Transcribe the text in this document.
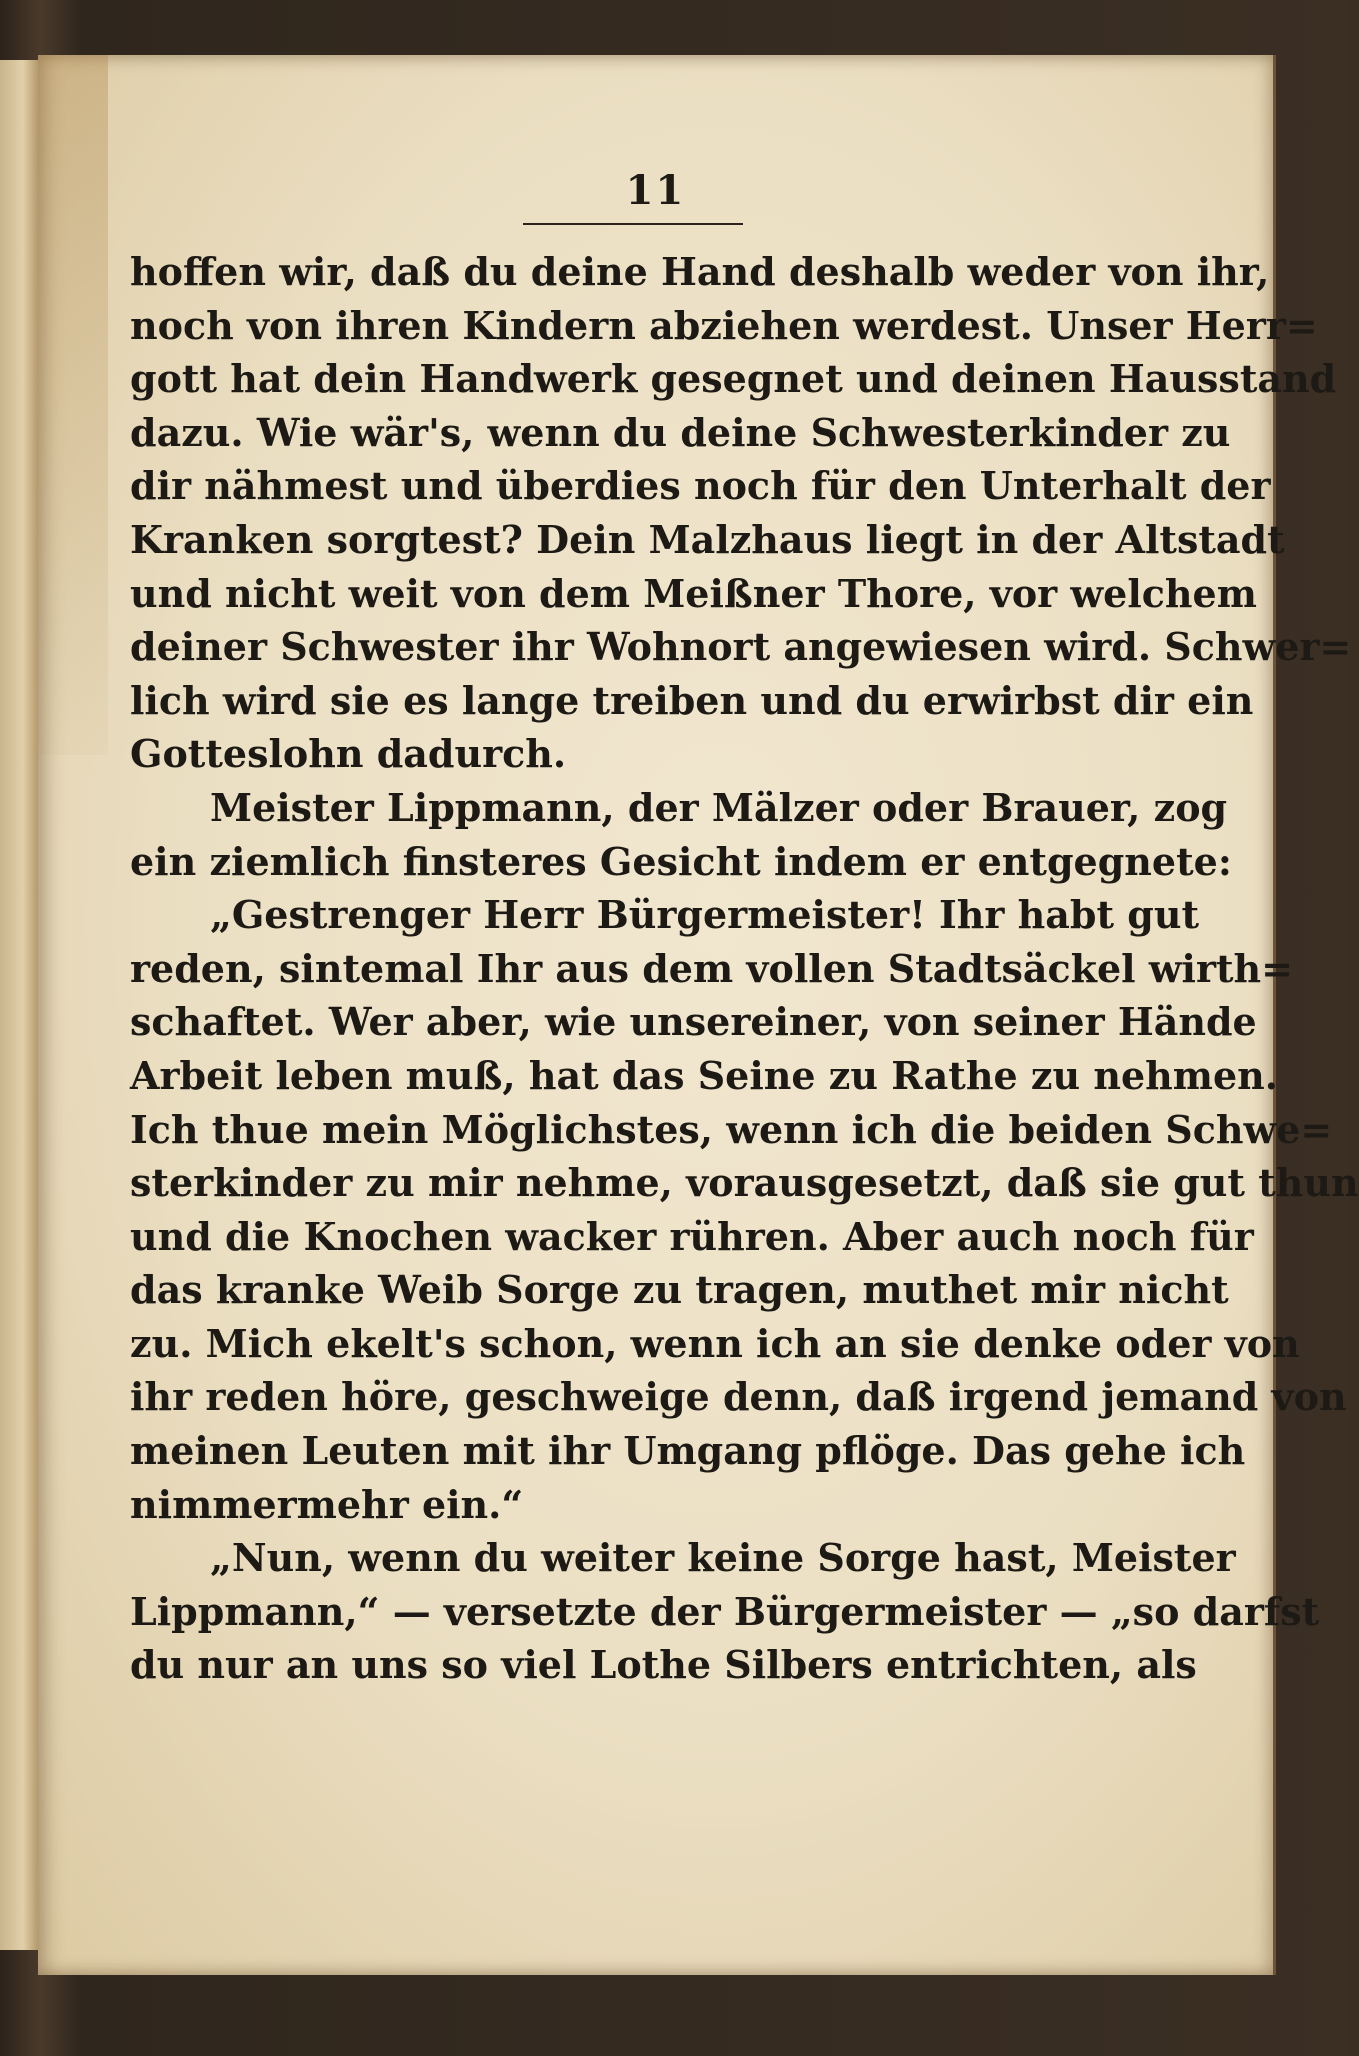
11
hoffen wir, daß du deine Hand deshalb weder von ihr,
noch von ihren Kindern abziehen werdest. Unser Herr=
gott hat dein Handwerk gesegnet und deinen Hausstand
dazu. Wie wär's, wenn du deine Schwesterkinder zu
dir nähmest und überdies noch für den Unterhalt der
Kranken sorgtest? Dein Malzhaus liegt in der Altstadt
und nicht weit von dem Meißner Thore, vor welchem
deiner Schwester ihr Wohnort angewiesen wird. Schwer=
lich wird sie es lange treiben und du erwirbst dir ein
Gotteslohn dadurch.
Meister Lippmann, der Mälzer oder Brauer, zog
ein ziemlich finsteres Gesicht indem er entgegnete:
„Gestrenger Herr Bürgermeister! Ihr habt gut
reden, sintemal Ihr aus dem vollen Stadtsäckel wirth=
schaftet. Wer aber, wie unsereiner, von seiner Hände
Arbeit leben muß, hat das Seine zu Rathe zu nehmen.
Ich thue mein Möglichstes, wenn ich die beiden Schwe=
sterkinder zu mir nehme, vorausgesetzt, daß sie gut thun
und die Knochen wacker rühren. Aber auch noch für
das kranke Weib Sorge zu tragen, muthet mir nicht
zu. Mich ekelt's schon, wenn ich an sie denke oder von
ihr reden höre, geschweige denn, daß irgend jemand von
meinen Leuten mit ihr Umgang pflöge. Das gehe ich
nimmermehr ein.“
„Nun, wenn du weiter keine Sorge hast, Meister
Lippmann,“ — versetzte der Bürgermeister — „so darfst
du nur an uns so viel Lothe Silbers entrichten, als
